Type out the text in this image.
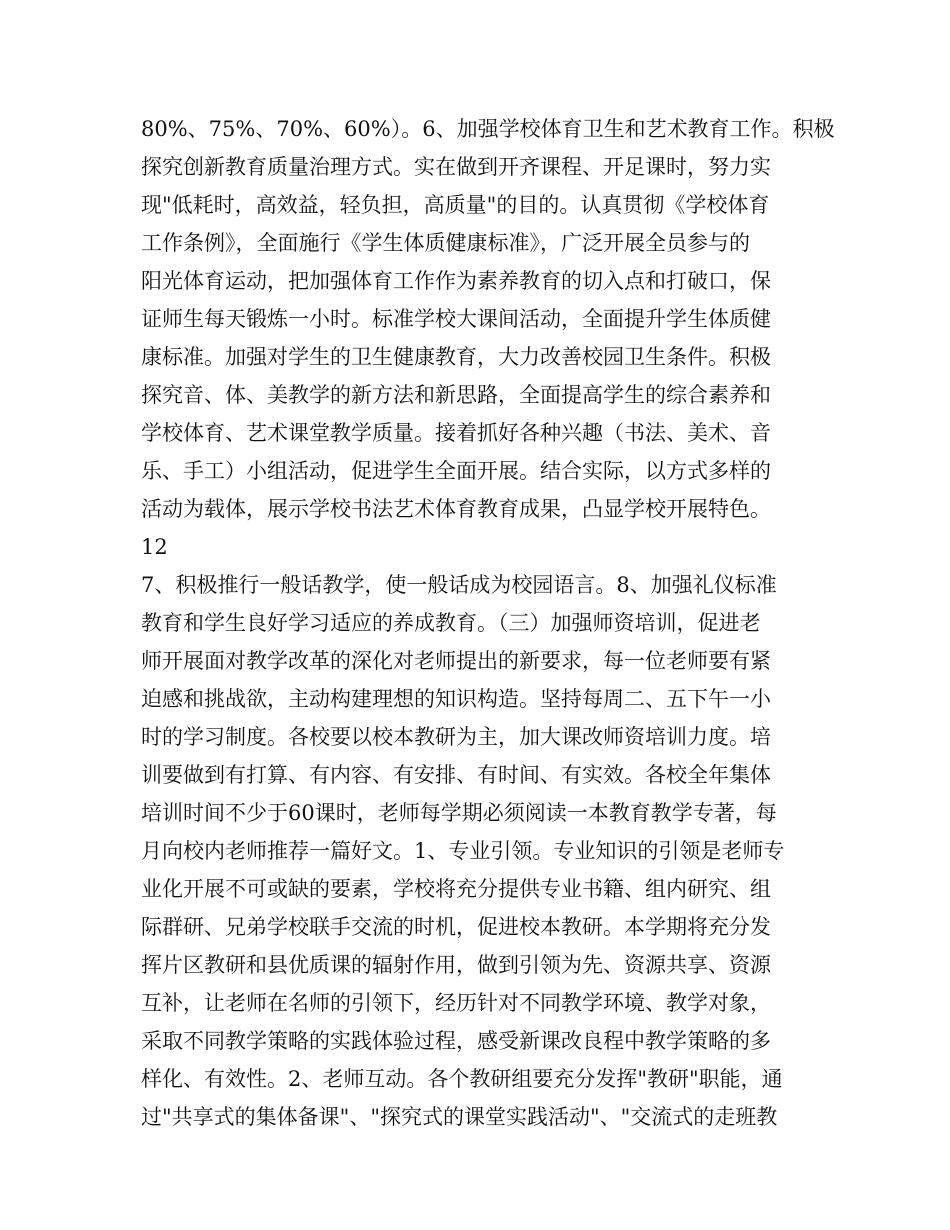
80%、75%、70%、60%）。6、加强学校体育卫生和艺术教育工作。积极
探究创新教育质量治理方式。实在做到开齐课程、开足课时，努力实
现"低耗时，高效益，轻负担，高质量"的目的。认真贯彻《学校体育
工作条例》，全面施行《学生体质健康标准》，广泛开展全员参与的
阳光体育运动，把加强体育工作作为素养教育的切入点和打破口，保
证师生每天锻炼一小时。标准学校大课间活动，全面提升学生体质健
康标准。加强对学生的卫生健康教育，大力改善校园卫生条件。积极
探究音、体、美教学的新方法和新思路，全面提高学生的综合素养和
学校体育、艺术课堂教学质量。接着抓好各种兴趣（书法、美术、音
乐、手工）小组活动，促进学生全面开展。结合实际，以方式多样的
活动为载体，展示学校书法艺术体育教育成果，凸显学校开展特色。
12
7、积极推行一般话教学，使一般话成为校园语言。8、加强礼仪标准
教育和学生良好学习适应的养成教育。（三）加强师资培训，促进老
师开展面对教学改革的深化对老师提出的新要求，每一位老师要有紧
迫感和挑战欲，主动构建理想的知识构造。坚持每周二、五下午一小
时的学习制度。各校要以校本教研为主，加大课改师资培训力度。培
训要做到有打算、有内容、有安排、有时间、有实效。各校全年集体
培训时间不少于60课时，老师每学期必须阅读一本教育教学专著，每
月向校内老师推荐一篇好文。1、专业引领。专业知识的引领是老师专
业化开展不可或缺的要素，学校将充分提供专业书籍、组内研究、组
际群研、兄弟学校联手交流的时机，促进校本教研。本学期将充分发
挥片区教研和县优质课的辐射作用，做到引领为先、资源共享、资源
互补，让老师在名师的引领下，经历针对不同教学环境、教学对象，
采取不同教学策略的实践体验过程，感受新课改良程中教学策略的多
样化、有效性。2、老师互动。各个教研组要充分发挥"教研"职能，通
过"共享式的集体备课"、"探究式的课堂实践活动"、"交流式的走班教
